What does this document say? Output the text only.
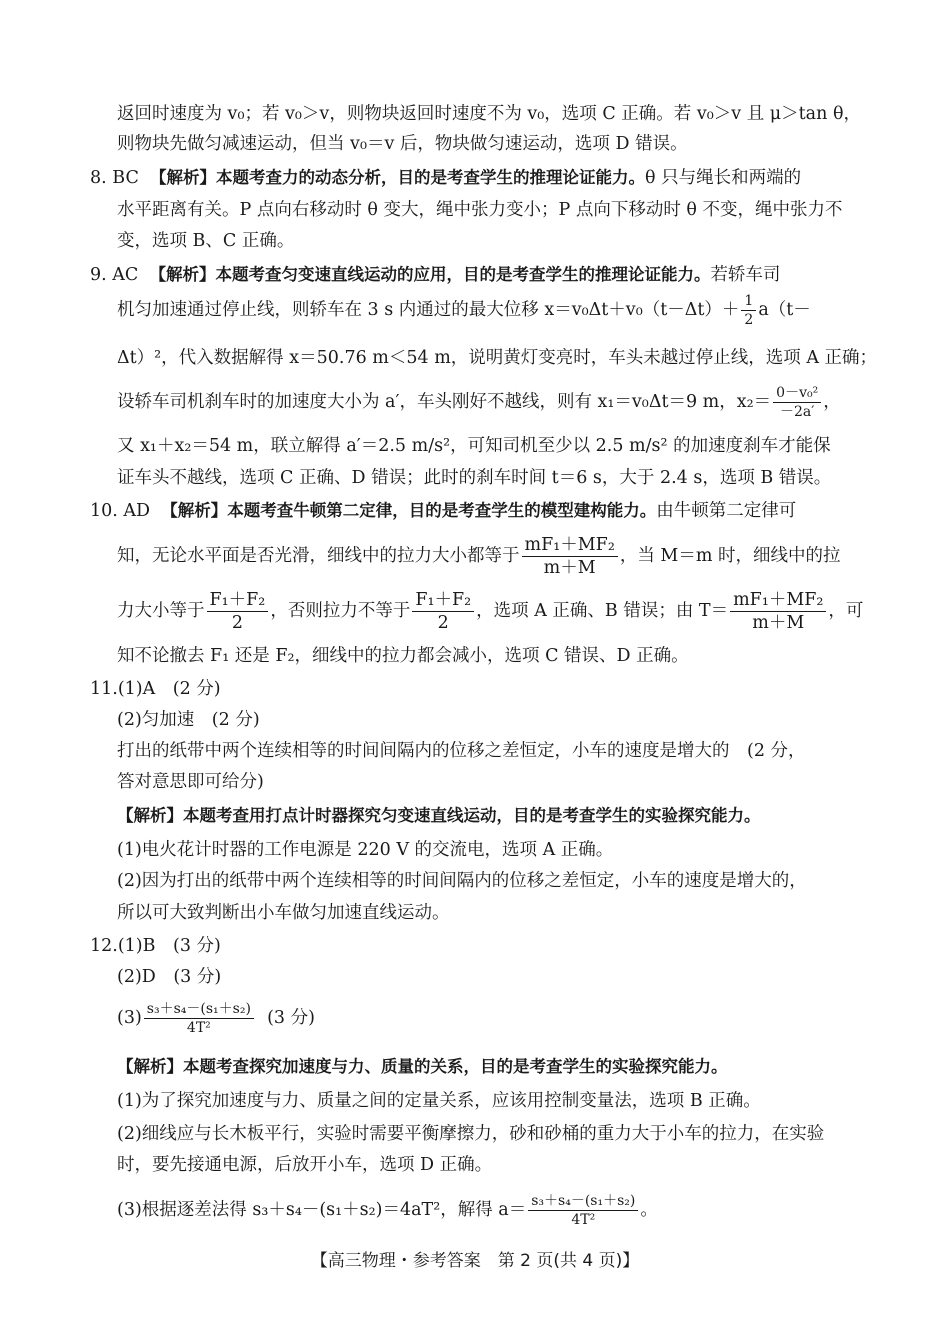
返回时速度为 v₀；若 v₀＞v，则物块返回时速度不为 v₀，选项 C 正确。若 v₀＞v 且 μ＞tan θ，
则物块先做匀减速运动，但当 v₀＝v 后，物块做匀速运动，选项 D 错误。
8. BC 【解析】本题考查力的动态分析，目的是考查学生的推理论证能力。θ 只与绳长和两端的
水平距离有关。P 点向右移动时 θ 变大，绳中张力变小；P 点向下移动时 θ 不变，绳中张力不
变，选项 B、C 正确。
9. AC 【解析】本题考查匀变速直线运动的应用，目的是考查学生的推理论证能力。若轿车司
机匀加速通过停止线，则轿车在 3 s 内通过的最大位移 $x=v_0\Delta t+v_0(t-\Delta t)+ \frac{1}{2} a(t-$
Δt）²，代入数据解得 x＝50.76 m＜54 m，说明黄灯变亮时，车头未越过停止线，选项 A 正确；
设轿车司机刹车时的加速度大小为 a′，车头刚好不越线，则有 x₁＝v₀Δt＝9 m，$x_2= \frac{\text{0－v₀²}}{-2a'}$ ，
又 x₁＋x₂＝54 m，联立解得 a′＝2.5 m/s²，可知司机至少以 2.5 m/s² 的加速度刹车才能保
证车头不越线，选项 C 正确、D 错误；此时的刹车时间 t＝6 s，大于 2.4 s，选项 B 错误。
10. AD 【解析】本题考查牛顿第二定律，目的是考查学生的模型建构能力。由牛顿第二定律可
知，无论水平面是否光滑，细线中的拉力大小都等于 $\frac{\text{mF₁＋MF₂}}{m+M}$ ，当 M＝m 时，细线中的拉
力大小等于 $\frac{\text{F₁＋F₂}}{2}$ ，否则拉力不等于 $\frac{\text{F₁＋F₂}}{2}$ ，选项 A 正确、B 错误；由 $T= \frac{\text{mF₁＋MF₂}}{m+M}$ ，可
知不论撤去 F₁ 还是 F₂，细线中的拉力都会减小，选项 C 错误、D 正确。
11.(1)A　(2 分)
(2)匀加速　(2 分)
打出的纸带中两个连续相等的时间间隔内的位移之差恒定，小车的速度是增大的　(2 分，
答对意思即可给分)
【解析】本题考查用打点计时器探究匀变速直线运动，目的是考查学生的实验探究能力。
(1)电火花计时器的工作电源是 220 V 的交流电，选项 A 正确。
(2)因为打出的纸带中两个连续相等的时间间隔内的位移之差恒定，小车的速度是增大的，
所以可大致判断出小车做匀加速直线运动。
12.(1)B　(3 分)
(2)D　(3 分)
$(3) \frac{\text{s₃＋s₄－(s₁＋s₂)}}{\text{4T²}} (3$ 分)
【解析】本题考查探究加速度与力、质量的关系，目的是考查学生的实验探究能力。
(1)为了探究加速度与力、质量之间的定量关系，应该用控制变量法，选项 B 正确。
(2)细线应与长木板平行，实验时需要平衡摩擦力，砂和砂桶的重力大于小车的拉力，在实验
时，要先接通电源，后放开小车，选项 D 正确。
(3)根据逐差法得 s₃＋s₄－(s₁＋s₂)＝4aT²，解得 $a= \frac{\text{s₃＋s₄－(s₁＋s₂)}}{\text{4T²}}$ 。
【高三物理・参考答案　第 2 页(共 4 页)】
